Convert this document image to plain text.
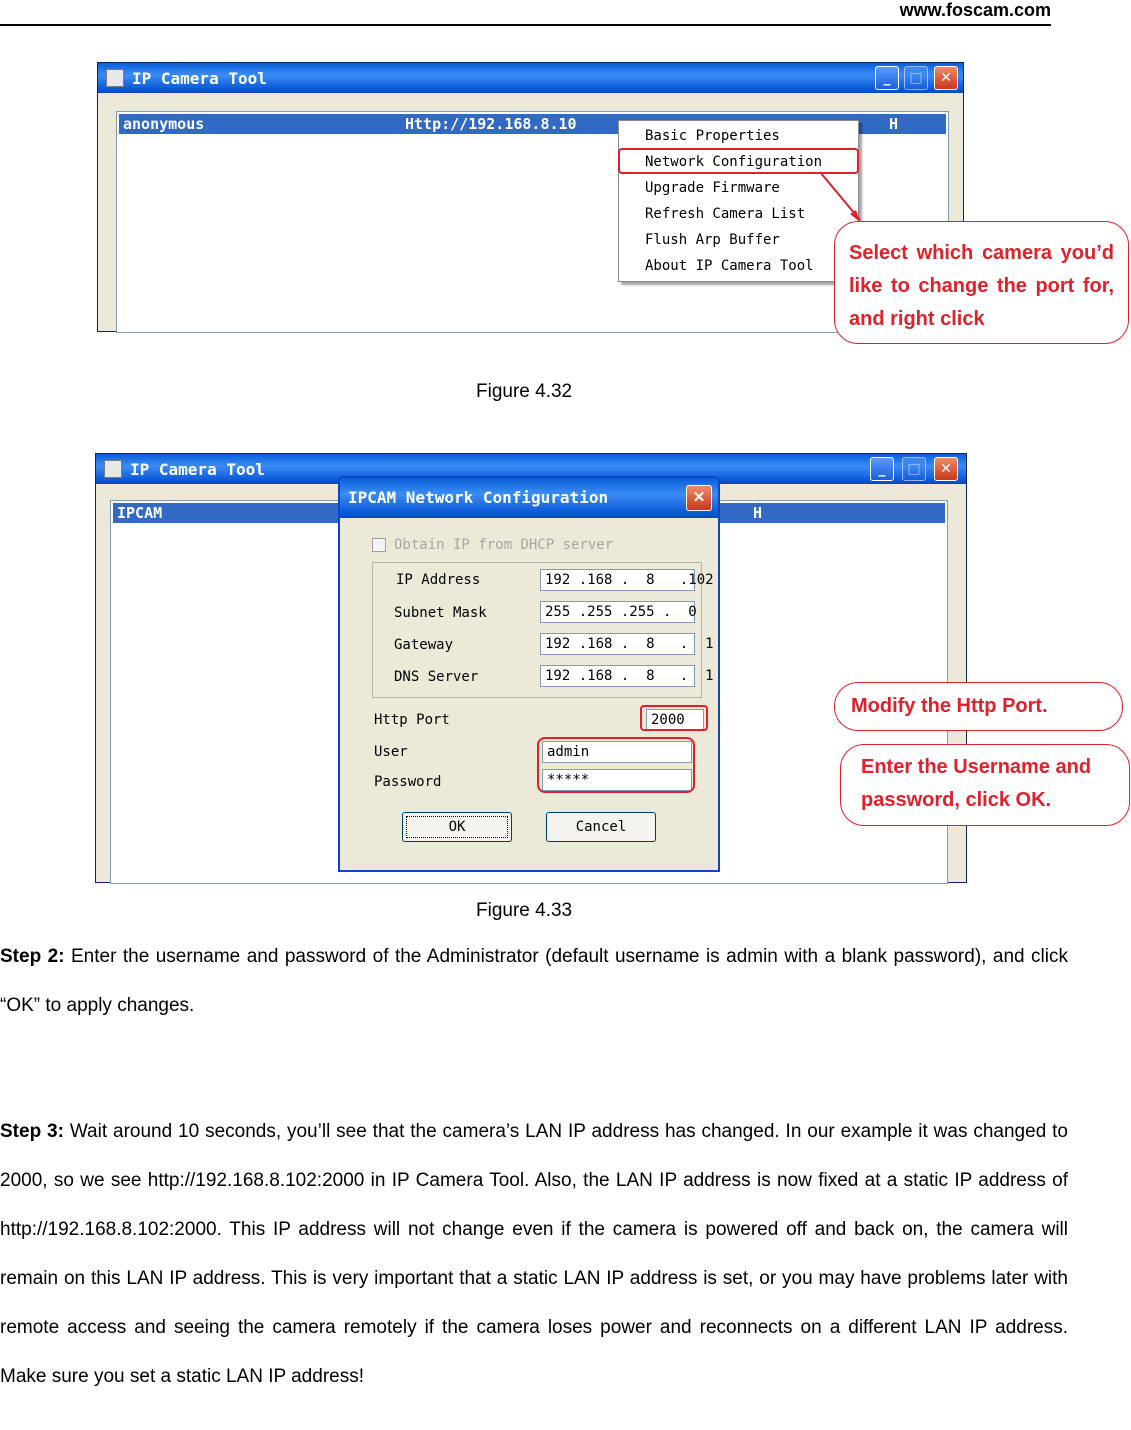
www.foscam.com
IP Camera Tool	_	□	✕
anonymous	Http://192.168.8.10	H
Basic Properties
Network Configuration
Upgrade Firmware
Refresh Camera List
Flush Arp Buffer
About IP Camera Tool
Select which camera you’d like to change the port for, and right click
Figure 4.32
IP Camera Tool	_	□	✕
IPCAM	H
IPCAM Network Configuration	✕
Obtain IP from DHCP server
IP Address	192 .168 .  8   .102
Subnet Mask	255 .255 .255 .  0
Gateway	192 .168 .  8   .  1
DNS Server	192 .168 .  8   .  1
Http Port	2000
User	admin
Password	*****
OK	Cancel
Modify the Http Port.
Enter the Username and password, click OK.
Figure 4.33
Step 2: Enter the username and password of the Administrator (default username is admin with a blank password), and click “OK” to apply changes.
Step 3: Wait around 10 seconds, you’ll see that the camera’s LAN IP address has changed. In our example it was changed to 2000, so we see http://192.168.8.102:2000 in IP Camera Tool. Also, the LAN IP address is now fixed at a static IP address of http://192.168.8.102:2000. This IP address will not change even if the camera is powered off and back on, the camera will remain on this LAN IP address. This is very important that a static LAN IP address is set, or you may have problems later with remote access and seeing the camera remotely if the camera loses power and reconnects on a different LAN IP address. Make sure you set a static LAN IP address!
